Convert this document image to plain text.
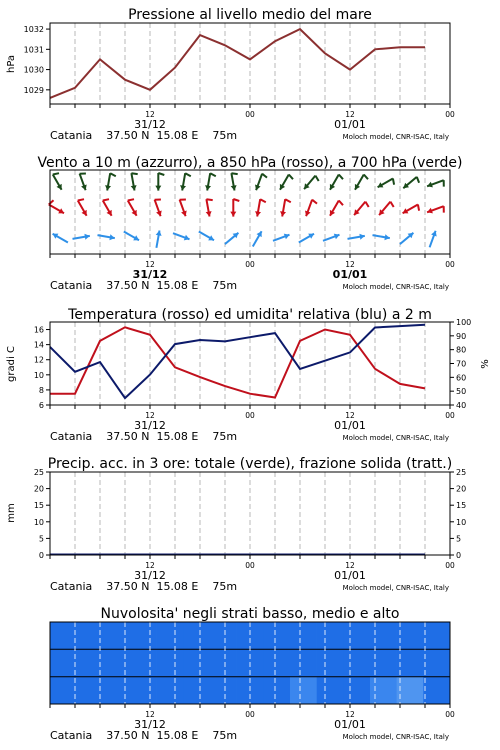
Pressione al livello medio del mare
hPa
1029
1030
1031
1032
12	00	12	00
31/12	01/01
Catania    37.50 N  15.08 E    75m	Moloch model, CNR-ISAC, Italy
Vento a 10 m (azzurro), a 850 hPa (rosso), a 700 hPa (verde)
12	00	12	00
31/12	01/01
Catania    37.50 N  15.08 E    75m	Moloch model, CNR-ISAC, Italy
Temperatura (rosso) ed umidita' relativa (blu) a 2 m
gradi C	%
6
8
10
12
14
16
40
50
60
70
80
90
100
12	00	12	00
31/12	01/01
Catania    37.50 N  15.08 E    75m	Moloch model, CNR-ISAC, Italy
Precip. acc. in 3 ore: totale (verde), frazione solida (tratt.)
mm
0
5
10
15
20
25
0
5
10
15
20
25
12	00	12	00
31/12	01/01
Catania    37.50 N  15.08 E    75m	Moloch model, CNR-ISAC, Italy
Nuvolosita' negli strati basso, medio e alto
12	00	12	00
31/12	01/01
Catania    37.50 N  15.08 E    75m	Moloch model, CNR-ISAC, Italy
